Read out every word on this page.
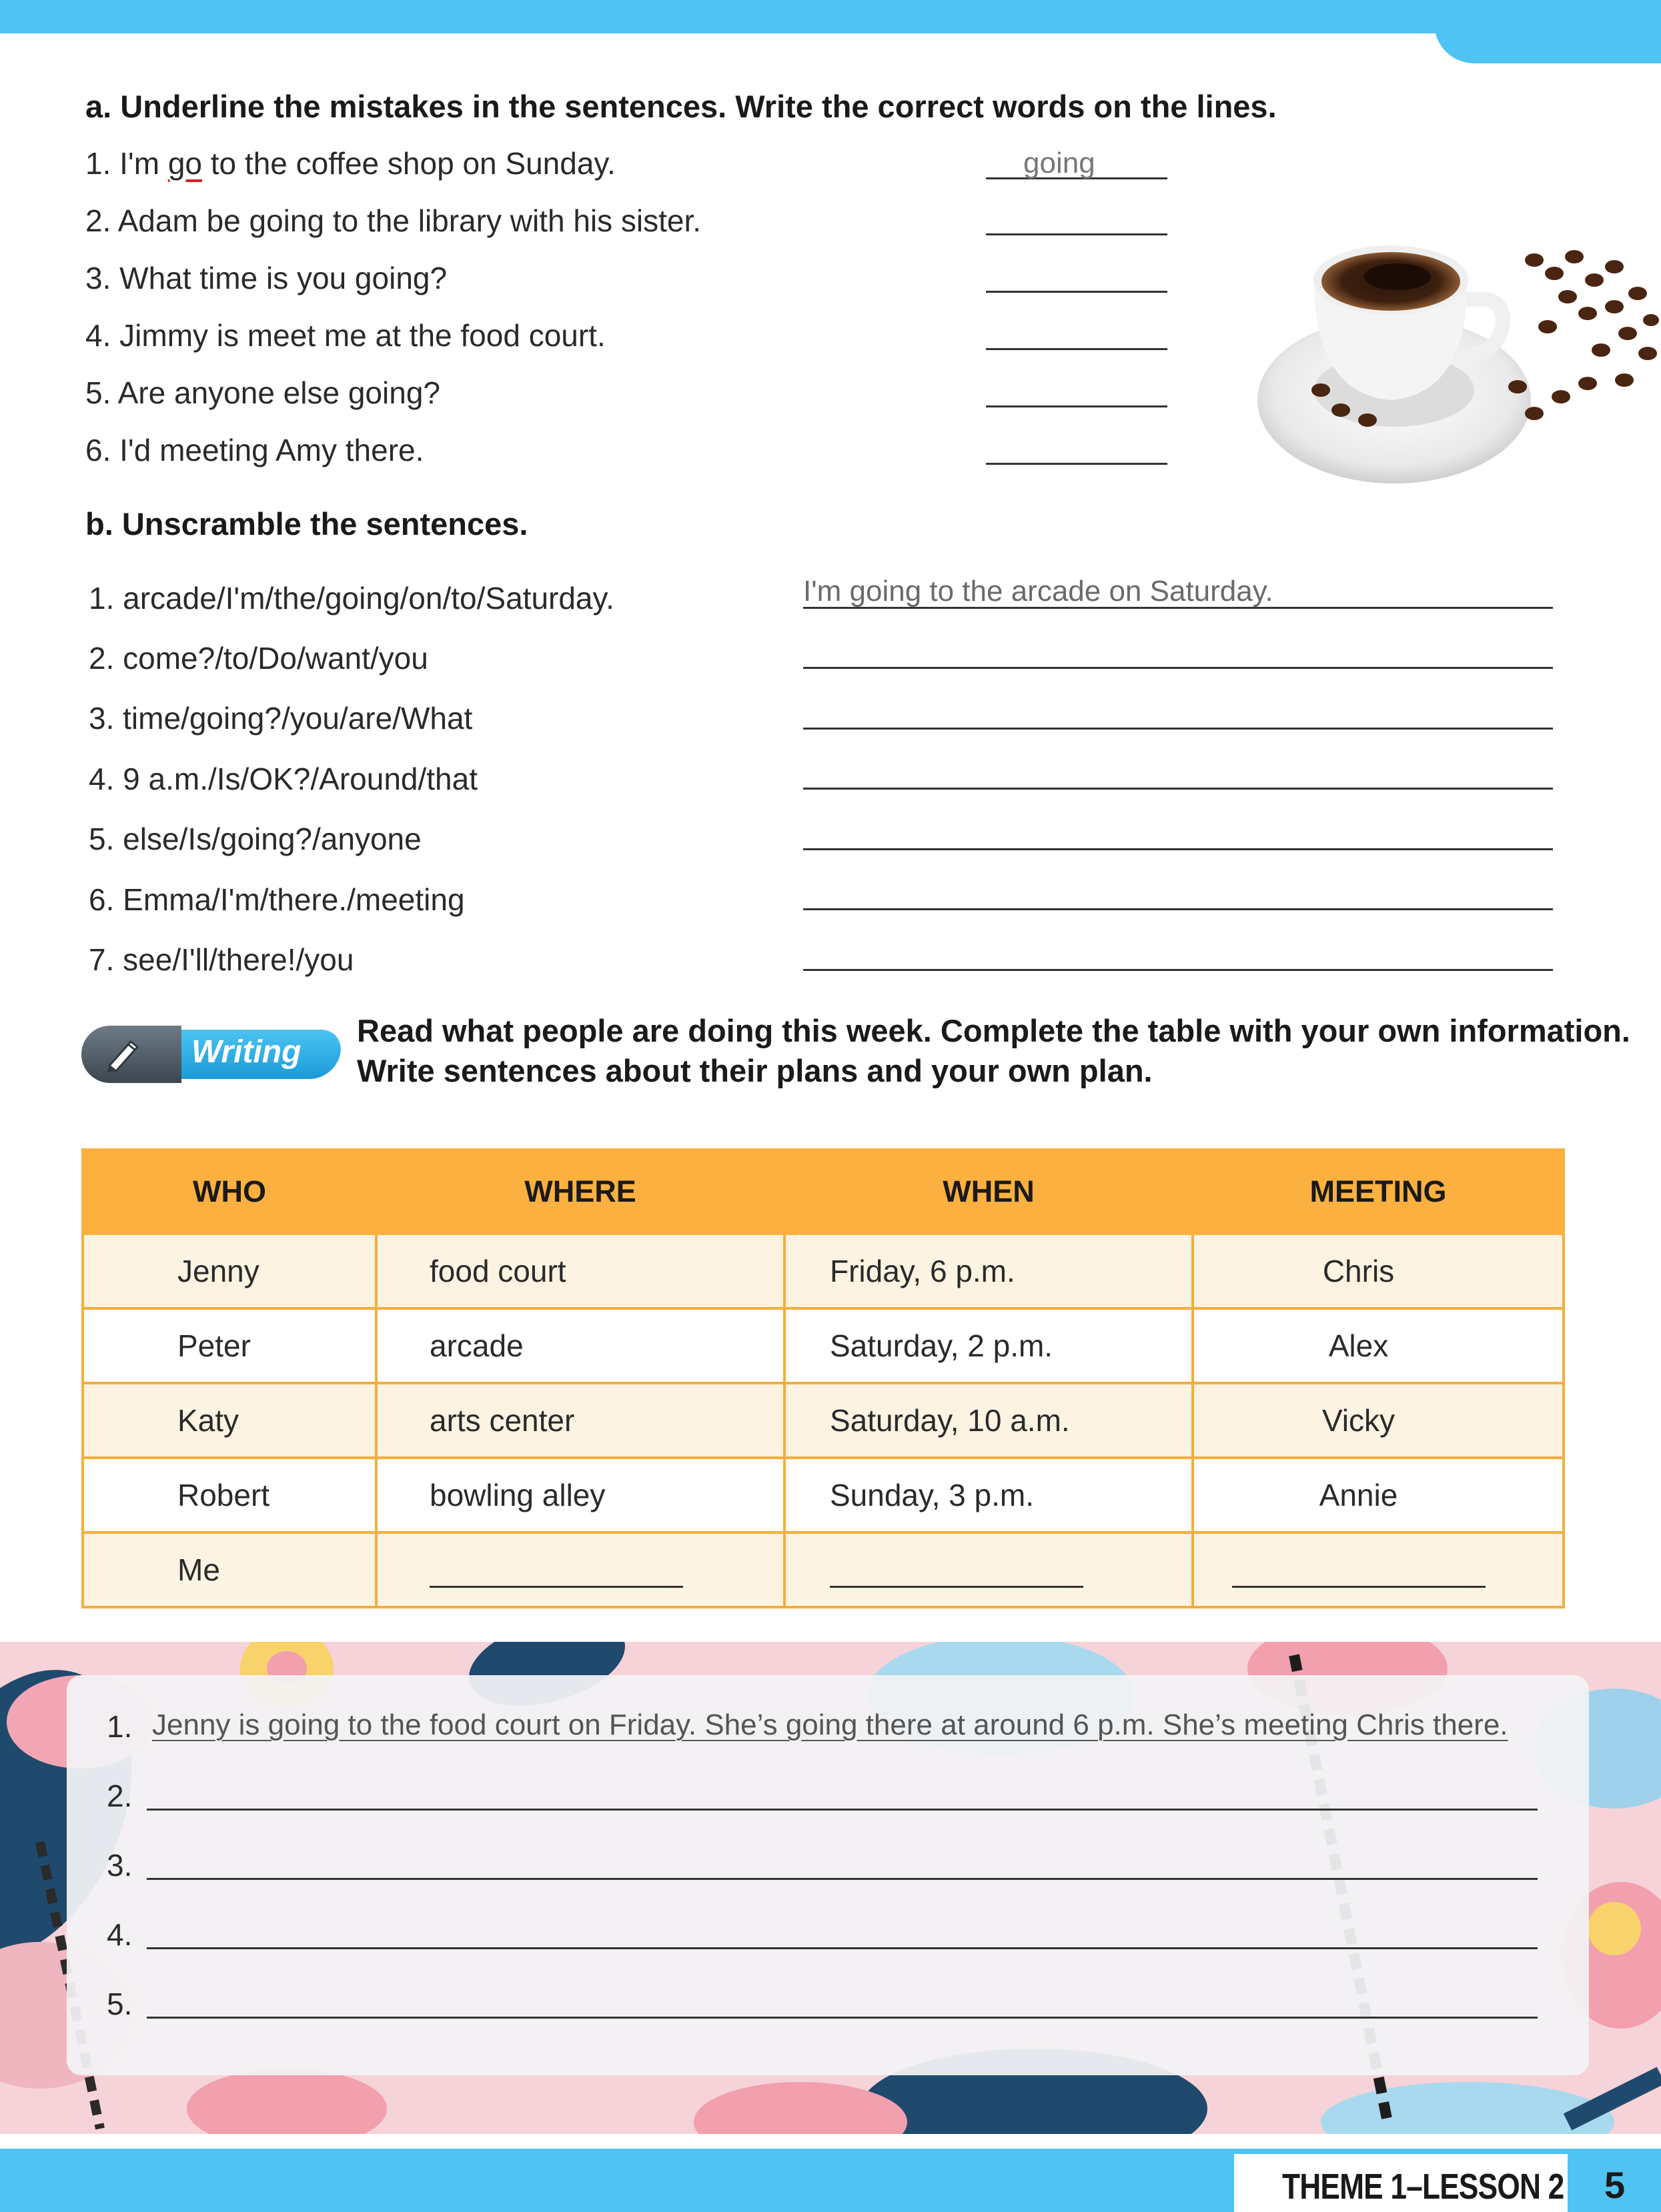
a. Underline the mistakes in the sentences. Write the correct words on the lines.
1. I'm go to the coffee shop on Sunday.	going
2. Adam be going to the library with his sister.
3. What time is you going?
4. Jimmy is meet me at the food court.
5. Are anyone else going?
6. I'd meeting Amy there.
b. Unscramble the sentences.
1. arcade/I'm/the/going/on/to/Saturday.	I'm going to the arcade on Saturday.
2. come?/to/Do/want/you
3. time/going?/you/are/What
4. 9 a.m./Is/OK?/Around/that
5. else/Is/going?/anyone
6. Emma/I'm/there./meeting
7. see/I'll/there!/you
Writing
Read what people are doing this week. Complete the table with your own information.
Write sentences about their plans and your own plan.
WHO	WHERE	WHEN	MEETING
Jenny	food court	Friday, 6 p.m.	Chris
Peter	arcade	Saturday, 2 p.m.	Alex
Katy	arts center	Saturday, 10 a.m.	Vicky
Robert	bowling alley	Sunday, 3 p.m.	Annie
Me			
1. Jenny is going to the food court on Friday. She’s going there at around 6 p.m. She’s meeting Chris there.
2.
3.
4.
5.
THEME 1–LESSON 2 5
